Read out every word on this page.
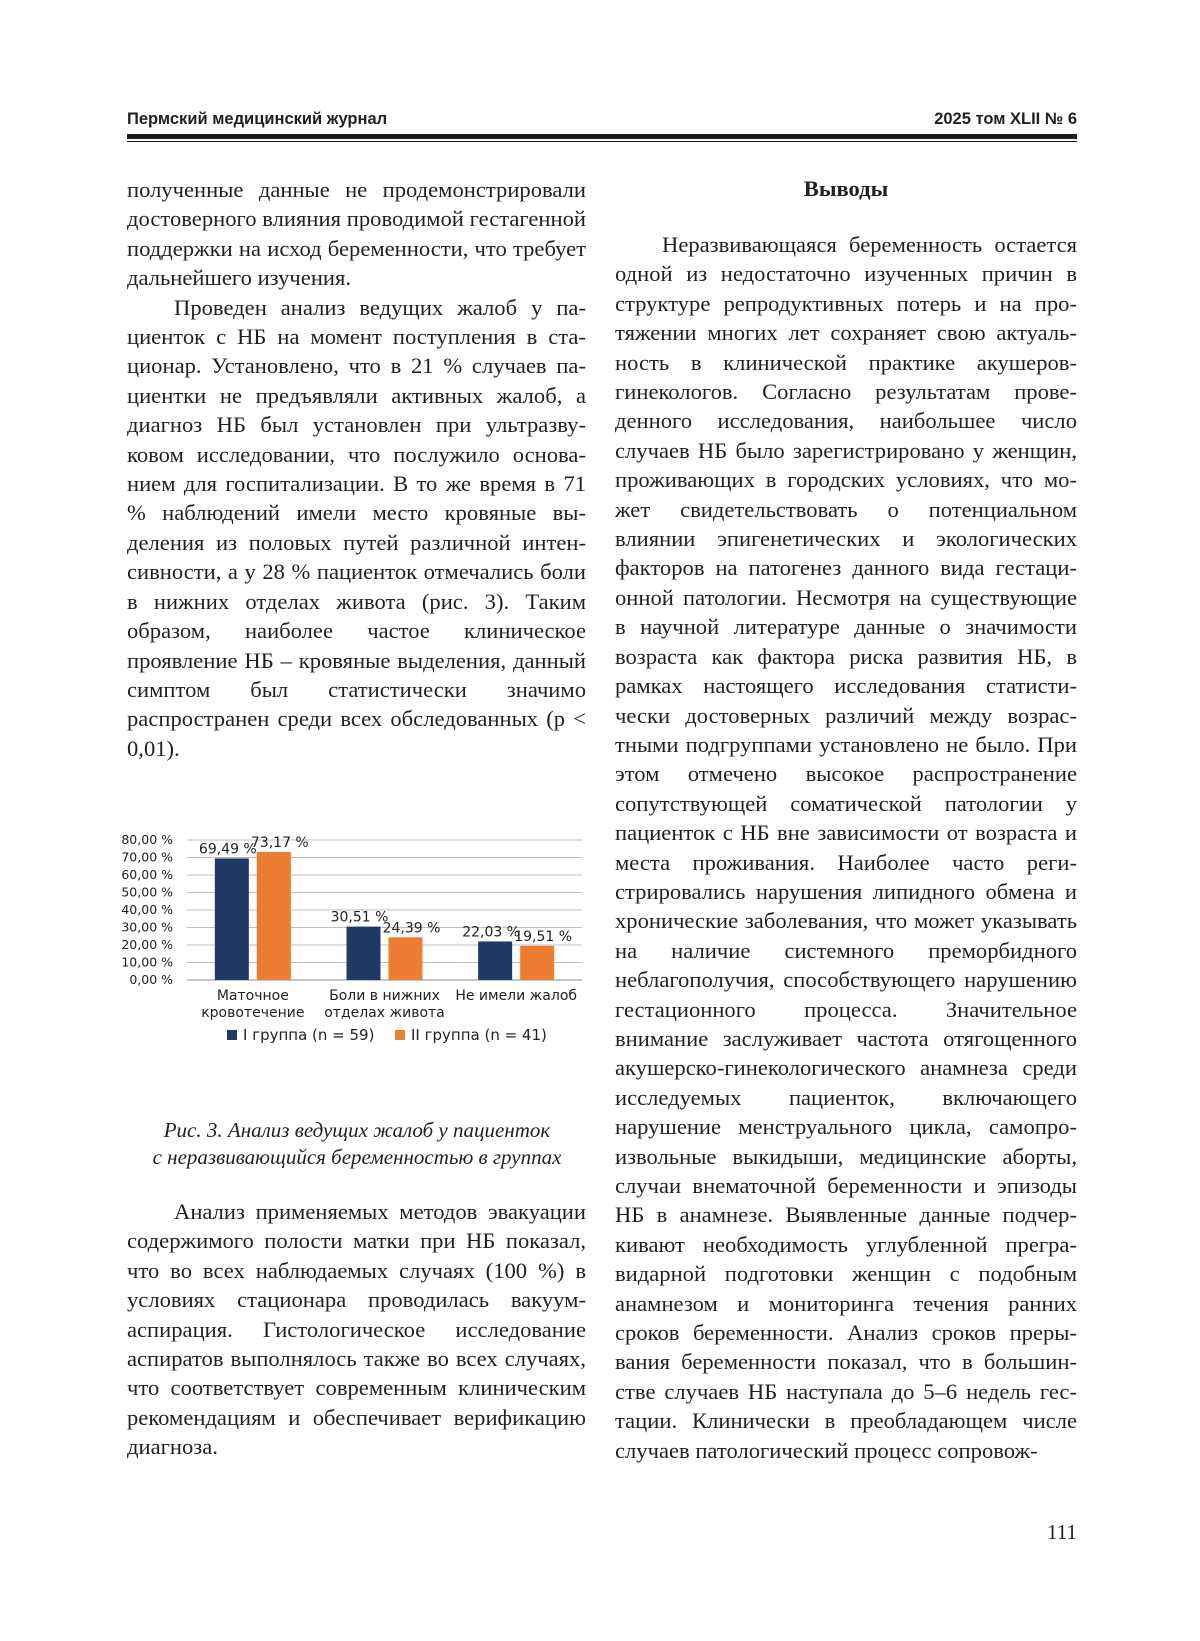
Пермский медицинский журнал	2025 том XLII № 6

полученные данные не продемонстрировали достоверного влияния проводимой гестагенной поддержки на исход беременности, что требует дальнейшего изучения.

Проведен анализ ведущих жалоб у пациенток с НБ на момент поступления в стационар. Установлено, что в 21 % случаев пациентки не предъявляли активных жалоб, а диагноз НБ был установлен при ультразвуковом исследовании, что послужило основанием для госпитализации. В то же время в 71 % наблюдений имели место кровяные выделения из половых путей различной интенсивности, а у 28 % пациенток отмечались боли в нижних отделах живота (рис. 3). Таким образом, наиболее частое клиническое проявление НБ – кровяные выделения, данный симптом был статистически значимо распространен среди всех обследованных (р < 0,01).

0,00 %
10,00 %
20,00 %
30,00 %
40,00 %
50,00 %
60,00 %
70,00 %
80,00 %
69,49 %
30,51 %
22,03 %
73,17 %
24,39 %
19,51 %
Маточное
кровотечение
Боли в нижних
отделах живота
Не имели жалоб
I группа (n = 59) II группа (n = 41)
Рис. 3. Анализ ведущих жалоб у пациенток
с неразвивающийся беременностью в группах

Анализ применяемых методов эвакуации содержимого полости матки при НБ показал, что во всех наблюдаемых случаях (100 %) в условиях стационара проводилась вакуум-аспирация. Гистологическое исследование аспиратов выполнялось также во всех случаях, что соответствует современным клиническим рекомендациям и обеспечивает верификацию диагноза.

Выводы

Неразвивающаяся беременность остается одной из недостаточно изученных причин в структуре репродуктивных потерь и на протяжении многих лет сохраняет свою актуальность в клинической практике акушеров-гинекологов. Согласно результатам проведенного исследования, наибольшее число случаев НБ было зарегистрировано у женщин, проживающих в городских условиях, что может свидетельствовать о потенциальном влиянии эпигенетических и экологических факторов на патогенез данного вида гестационной патологии. Несмотря на существующие в научной литературе данные о значимости возраста как фактора риска развития НБ, в рамках настоящего исследования статистически достоверных различий между возрастными подгруппами установлено не было. При этом отмечено высокое распространение сопутствующей соматической патологии у пациенток с НБ вне зависимости от возраста и места проживания. Наиболее часто регистрировались нарушения липидного обмена и хронические заболевания, что может указывать на наличие системного преморбидного неблагополучия, способствующего нарушению гестационного процесса. Значительное внимание заслуживает частота отягощенного акушерско-гинекологического анамнеза среди исследуемых пациенток, включающего нарушение менструального цикла, самопроизвольные выкидыши, медицинские аборты, случаи внематочной беременности и эпизоды НБ в анамнезе. Выявленные данные подчеркивают необходимость углубленной прегравидарной подготовки женщин с подобным анамнезом и мониторинга течения ранних сроков беременности. Анализ сроков прерывания беременности показал, что в большинстве случаев НБ наступала до 5–6 недель гестации. Клинически в преобладающем числе случаев патологический процесс сопровож-

111
